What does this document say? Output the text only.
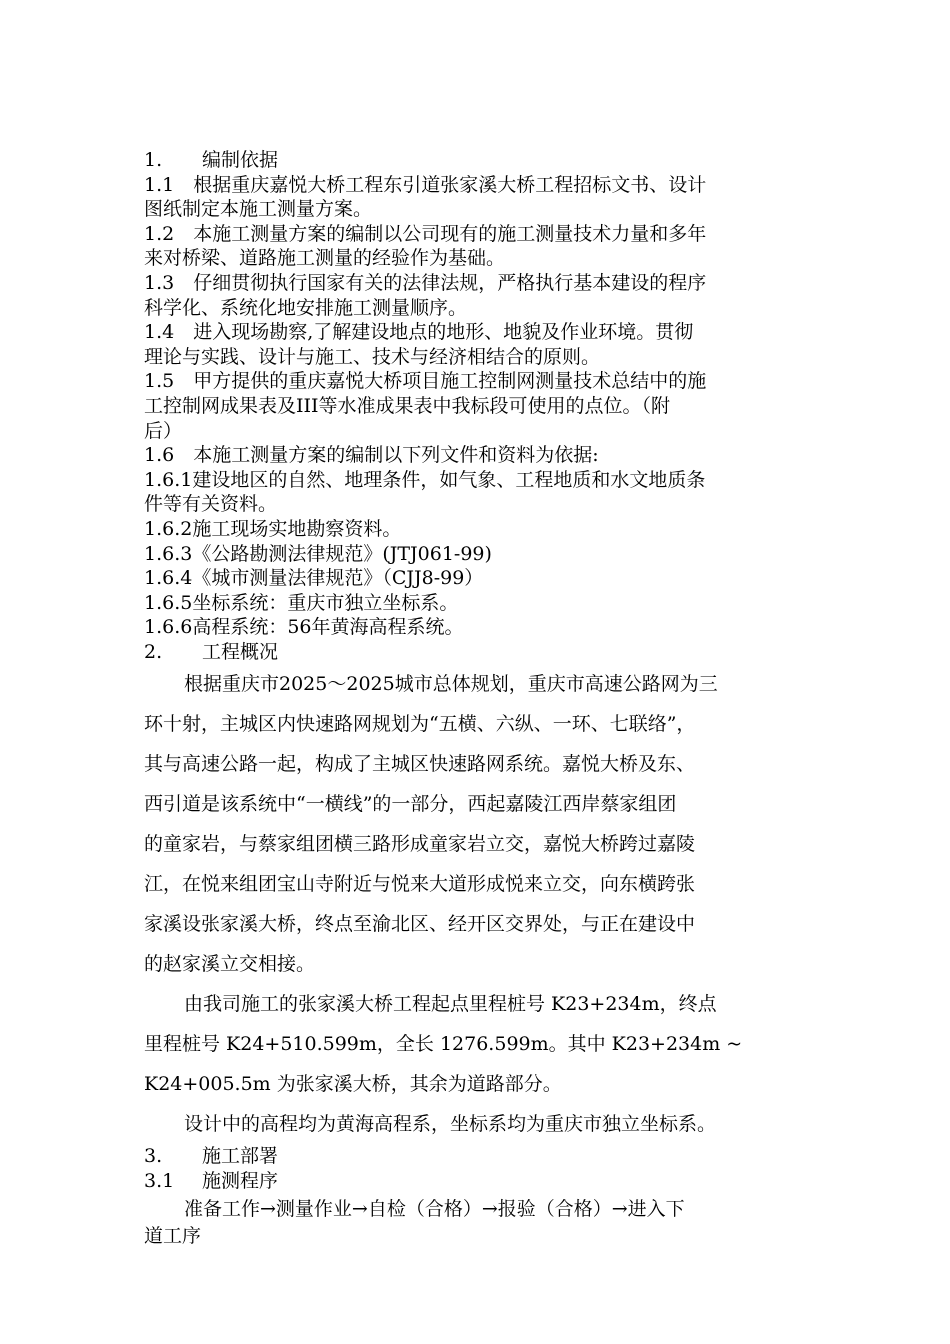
1. 编制依据
1.1　根据重庆嘉悦大桥工程东引道张家溪大桥工程招标文书、设计
图纸制定本施工测量方案。
1.2　本施工测量方案的编制以公司现有的施工测量技术力量和多年
来对桥梁、道路施工测量的经验作为基础。
1.3　仔细贯彻执行国家有关的法律法规，严格执行基本建设的程序
科学化、系统化地安排施工测量顺序。
1.4　进入现场勘察,了解建设地点的地形、地貌及作业环境。贯彻
理论与实践、设计与施工、技术与经济相结合的原则。
1.5　甲方提供的重庆嘉悦大桥项目施工控制网测量技术总结中的施
工控制网成果表及III等水准成果表中我标段可使用的点位。（附
后）
1.6　本施工测量方案的编制以下列文件和资料为依据:
1.6.1建设地区的自然、地理条件，如气象、工程地质和水文地质条
件等有关资料。
1.6.2施工现场实地勘察资料。
1.6.3《公路勘测法律规范》(JTJ061-99)
1.6.4《城市测量法律规范》（CJJ8-99）
1.6.5坐标系统：重庆市独立坐标系。
1.6.6高程系统：56年黄海高程系统。
2. 工程概况
根据重庆市2025～2025城市总体规划，重庆市高速公路网为三
环十射，主城区内快速路网规划为“五横、六纵、一环、七联络”，
其与高速公路一起，构成了主城区快速路网系统。嘉悦大桥及东、
西引道是该系统中“一横线”的一部分，西起嘉陵江西岸蔡家组团
的童家岩，与蔡家组团横三路形成童家岩立交，嘉悦大桥跨过嘉陵
江，在悦来组团宝山寺附近与悦来大道形成悦来立交，向东横跨张
家溪设张家溪大桥，终点至渝北区、经开区交界处，与正在建设中
的赵家溪立交相接。
由我司施工的张家溪大桥工程起点里程桩号 K23+234m，终点
里程桩号 K24+510.599m，全长 1276.599m。其中 K23+234m ~
K24+005.5m 为张家溪大桥，其余为道路部分。
设计中的高程均为黄海高程系，坐标系均为重庆市独立坐标系。
3. 施工部署
3.1 施测程序
准备工作→测量作业→自检（合格）→报验（合格）→进入下
道工序
